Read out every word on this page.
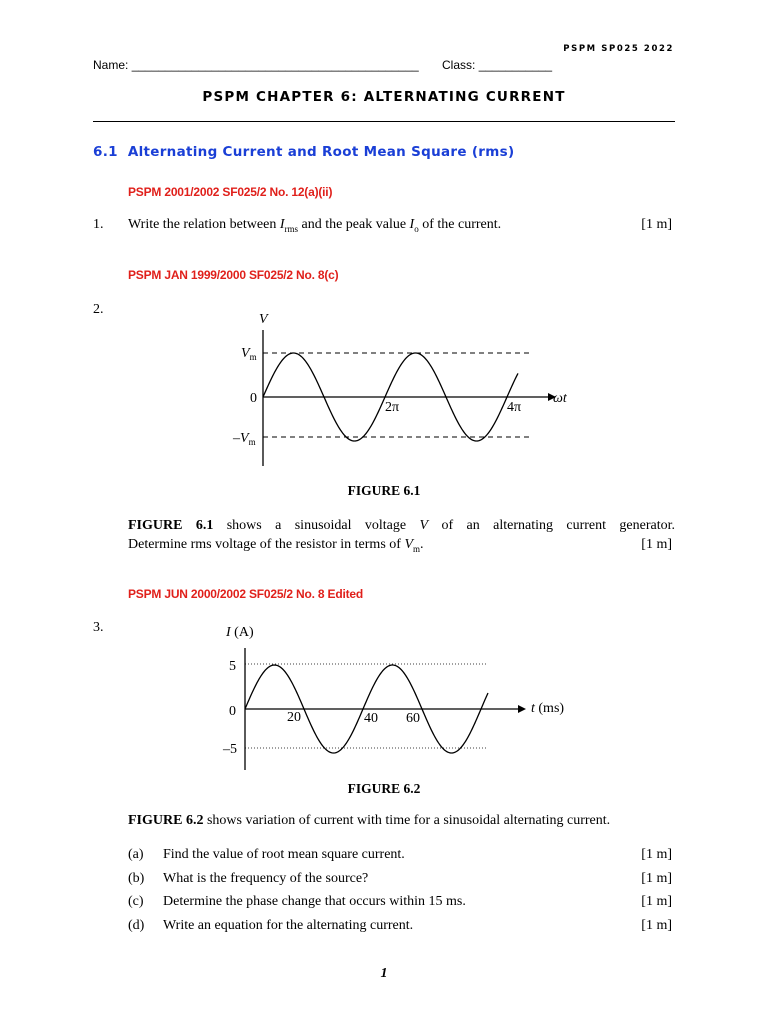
PSPM SP025 2022
Name: ___________________________________________ Class: ___________
PSPM CHAPTER 6: ALTERNATING CURRENT
6.1 Alternating Current and Root Mean Square (rms)
PSPM 2001/2002 SF025/2 No. 12(a)(ii)
1. Write the relation between $I_{rms}$ and the peak value $I_o$ of the current.	[1 m]
PSPM JAN 1999/2000 SF025/2 No. 8(c)
2.
V
$V_m$
0
$-V_m$
2π	4π
ωt
FIGURE 6.1
FIGURE 6.1 shows a sinusoidal voltage V of an alternating current generator.
Determine rms voltage of the resistor in terms of $V_m$.	[1 m]
PSPM JUN 2000/2002 SF025/2 No. 8 Edited
3.	I (A)
5
0
–5
20	40 60
t (ms)
FIGURE 6.2
FIGURE 6.2 shows variation of current with time for a sinusoidal alternating current.
(a) Find the value of root mean square current.	[1 m]
(b) What is the frequency of the source?	[1 m]
(c) Determine the phase change that occurs within 15 ms.	[1 m]
(d) Write an equation for the alternating current.	[1 m]
1
